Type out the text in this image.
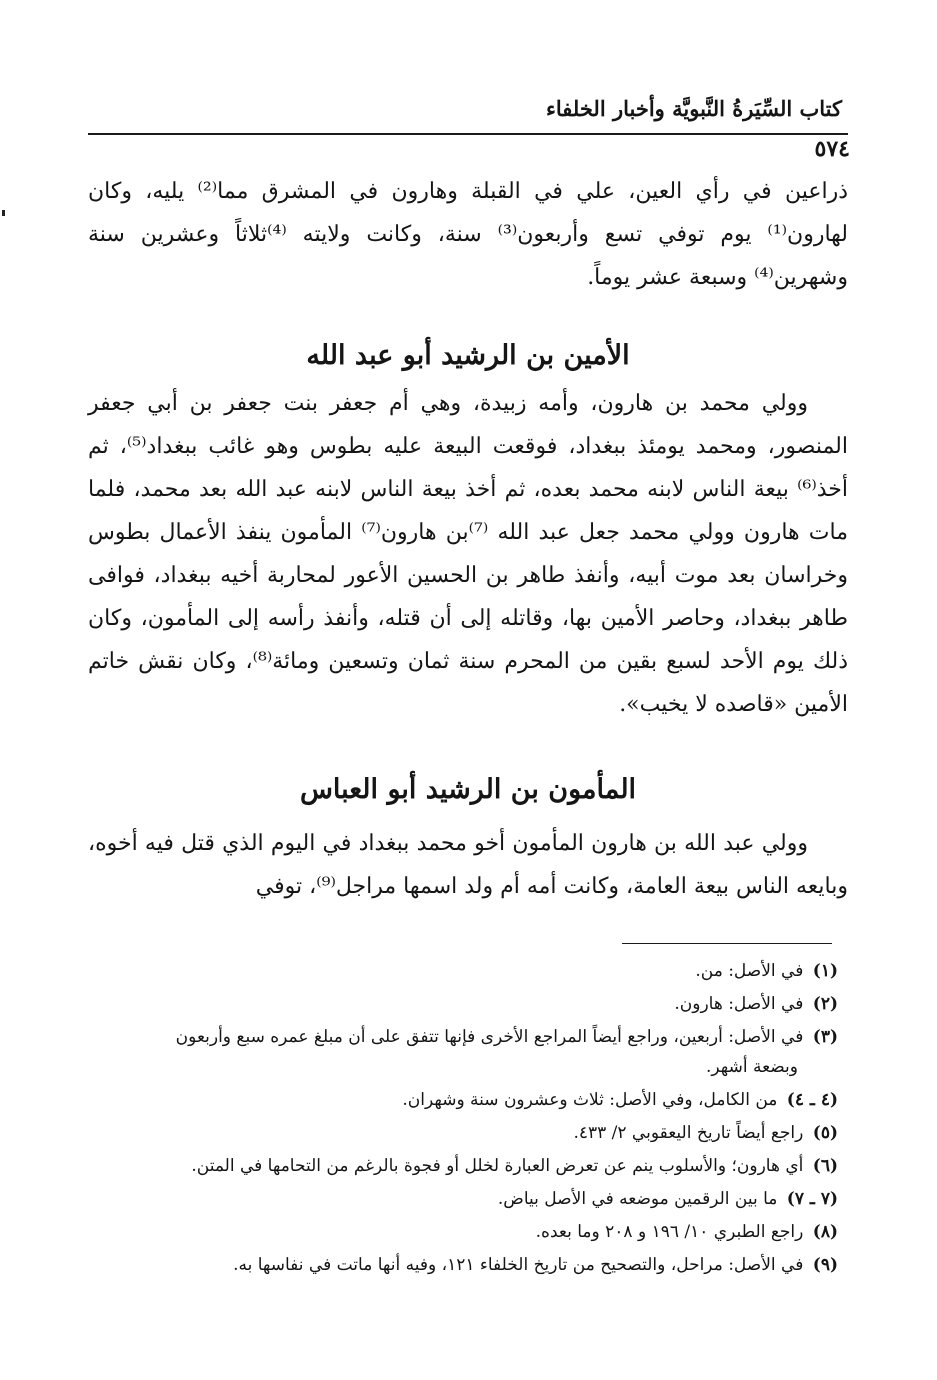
كتاب السِّيَرةُ النَّبويَّة وأخبار الخلفاء
٥٧٤

ذراعين في رأي العين، علي في القبلة وهارون في المشرق مما⁽²⁾ يليه، وكان لهارون⁽¹⁾ يوم توفي تسع وأربعون⁽³⁾ سنة، وكانت ولايته ⁽⁴⁾ثلاثاً وعشرين سنة وشهرين⁽⁴⁾ وسبعة عشر يوماً.

الأمين بن الرشيد أبو عبد الله

وولي محمد بن هارون، وأمه زبيدة، وهي أم جعفر بنت جعفر بن أبي جعفر المنصور، ومحمد يومئذ ببغداد، فوقعت البيعة عليه بطوس وهو غائب ببغداد⁽⁵⁾، ثم أخذ⁽⁶⁾ بيعة الناس لابنه محمد بعده، ثم أخذ بيعة الناس لابنه عبد الله بعد محمد، فلما مات هارون وولي محمد جعل عبد الله ⁽⁷⁾بن هارون⁽⁷⁾ المأمون ينفذ الأعمال بطوس وخراسان بعد موت أبيه، وأنفذ طاهر بن الحسين الأعور لمحاربة أخيه ببغداد، فوافى طاهر ببغداد، وحاصر الأمين بها، وقاتله إلى أن قتله، وأنفذ رأسه إلى المأمون، وكان ذلك يوم الأحد لسبع بقين من المحرم سنة ثمان وتسعين ومائة⁽⁸⁾، وكان نقش خاتم الأمين «قاصده لا يخيب».

المأمون بن الرشيد أبو العباس

وولي عبد الله بن هارون المأمون أخو محمد ببغداد في اليوم الذي قتل فيه أخوه، وبايعه الناس بيعة العامة، وكانت أمه أم ولد اسمها مراجل⁽⁹⁾، توفي

(١) في الأصل: من.
(٢) في الأصل: هارون.
(٣) في الأصل: أربعين، وراجع أيضاً المراجع الأخرى فإنها تتفق على أن مبلغ عمره سبع وأربعون
وبضعة أشهر.
(٤ ـ ٤) من الكامل، وفي الأصل: ثلاث وعشرون سنة وشهران.
(٥) راجع أيضاً تاريخ اليعقوبي ٢/ ٤٣٣.
(٦) أي هارون؛ والأسلوب ينم عن تعرض العبارة لخلل أو فجوة بالرغم من التحامها في المتن.
(٧ ـ ٧) ما بين الرقمين موضعه في الأصل بياض.
(٨) راجع الطبري ١٠/ ١٩٦ و ٢٠٨ وما بعده.
(٩) في الأصل: مراحل، والتصحيح من تاريخ الخلفاء ١٢١، وفيه أنها ماتت في نفاسها به.
